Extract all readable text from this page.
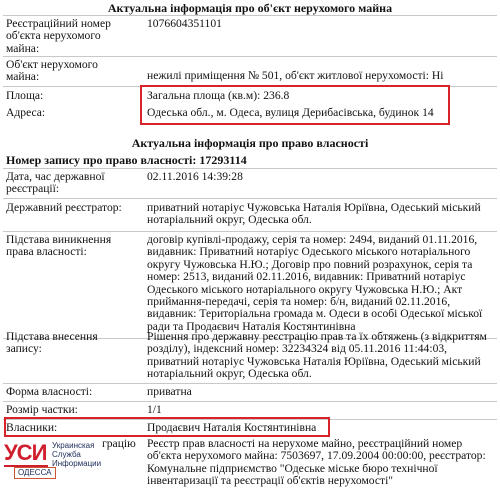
Актуальна інформація про об'єкт нерухомого майна
Реєстраційний номер об'єкта нерухомого майна:
1076604351101
Об'єкт нерухомого майна:	нежилі приміщення № 501, об'єкт житлової нерухомості: Ні
Площа:	Загальна площа (кв.м): 236.8
Адреса:	Одеська обл., м. Одеса, вулиця Дерибасівська, будинок 14
Актуальна інформація про право власності
Номер запису про право власності: 17293114
Дата, час державної реєстрації:
02.11.2016 14:39:28
Державний реєстратор: приватний нотаріус Чужовська Наталія Юріївна, Одеський міський нотаріальний округ, Одеська обл.
Підстава виникнення права власності:
договір купівлі-продажу, серія та номер: 2494, виданий 01.11.2016, видавник: Приватний нотаріус Одеського міського нотаріального округу Чужовська Н.Ю.; Договір про повний розрахунок, серія та номер: 2513, виданий 02.11.2016, видавник: Приватний нотаріус Одеського міського нотаріального округу Чужовська Н.Ю.; Акт приймання-передачі, серія та номер: б/н, виданий 02.11.2016, видавник: Територіальна громада м. Одеси в особі Одеської міської ради та Продаєвич Наталія Костянтинівна
Підстава внесення запису:
Рішення про державну реєстрацію прав та їх обтяжень (з відкриттям розділу), індексний номер: 32234324 від 05.11.2016 11:44:03, приватний нотаріус Чужовська Наталія Юріївна, Одеський міський нотаріальний округ, Одеська обл.
Форма власності:	приватна
Розмір частки:	1/1
Власники:	Продаєвич Наталія Костянтинівна
грацію Реєстр прав власності на нерухоме майно, реєстраційний номер об'єкта нерухомого майна: 7503697, 17.09.2004 00:00:00, реєстратор: Комунальне підприємство "Одеське міське бюро технічної інвентаризації та реєстрації об'єктів нерухомості"
УСИ Украинская
Служба
Информации
ОДЕССА
